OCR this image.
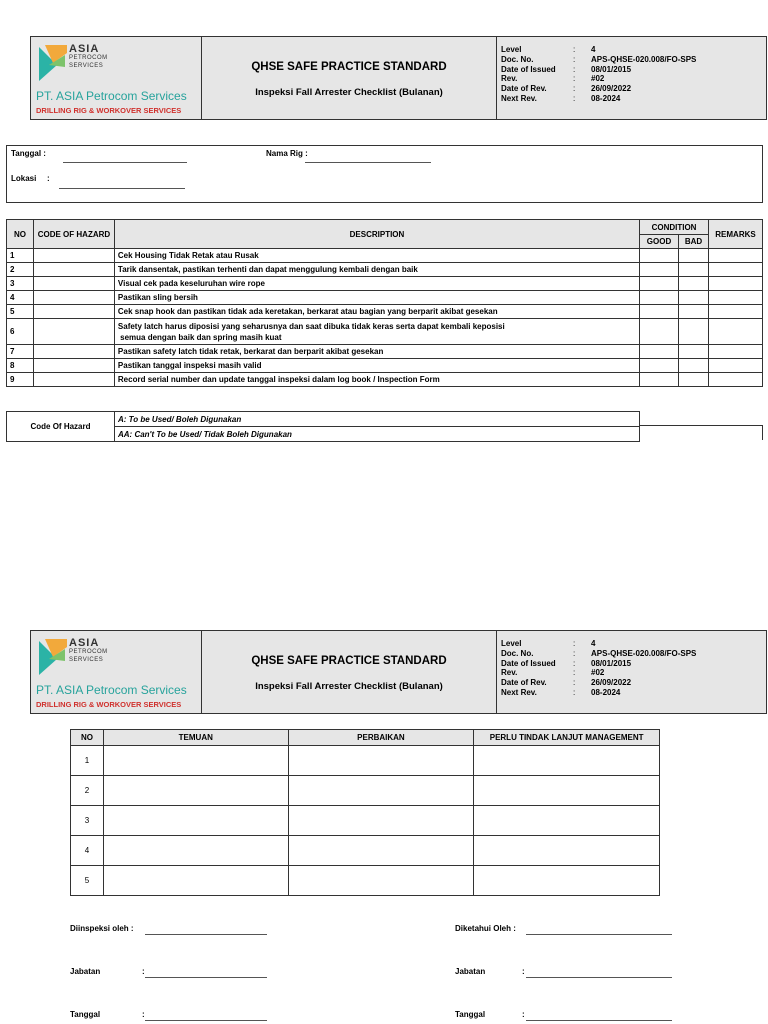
ASIA
PETROCOM
SERVICES
PT. ASIA Petrocom Services
DRILLING RIG & WORKOVER SERVICES
QHSE SAFE PRACTICE STANDARD
Inspeksi Fall Arrester Checklist (Bulanan)
Level	:	4
Doc. No.	:	APS-QHSE-020.008/FO-SPS
Date of Issued	:	08/01/2015
Rev.	:	#02
Date of Rev.	:	26/09/2022
Next Rev.	:	08-2024
Tanggal :	Nama Rig :
Lokasi :
NO	CODE OF HAZARD	DESCRIPTION	CONDITION		REMARKS
			GOOD	BAD	
1		Cek Housing Tidak Retak atau Rusak			
2		Tarik dansentak, pastikan terhenti dan dapat menggulung kembali dengan baik			
3		Visual cek pada keseluruhan wire rope			
4		Pastikan sling bersih			
5		Cek snap hook dan pastikan tidak ada keretakan, berkarat atau bagian yang berparit akibat gesekan			
6		Safety latch harus diposisi yang seharusnya dan saat dibuka tidak keras serta dapat kembali keposisi
semua dengan baik dan spring masih kuat			
7		Pastikan safety latch tidak retak, berkarat dan berparit akibat gesekan			
8		Pastikan tanggal inspeksi masih valid			
9		Record serial number dan update tanggal inspeksi dalam log book / Inspection Form			
Code Of Hazard	A: To be Used/ Boleh Digunakan
AA: Can't To be Used/ Tidak Boleh Digunakan
ASIA
PETROCOM
SERVICES
PT. ASIA Petrocom Services
DRILLING RIG & WORKOVER SERVICES
QHSE SAFE PRACTICE STANDARD
Inspeksi Fall Arrester Checklist (Bulanan)
Level	:	4
Doc. No.	:	APS-QHSE-020.008/FO-SPS
Date of Issued	:	08/01/2015
Rev.	:	#02
Date of Rev.	:	26/09/2022
Next Rev.	:	08-2024
NO	TEMUAN	PERBAIKAN	PERLU TINDAK LANJUT MANAGEMENT
1			
2			
3			
4			
5			
Diinspeksi oleh :	Diketahui Oleh :
Jabatan	:	Jabatan	:
Tanggal	:	Tanggal	:
